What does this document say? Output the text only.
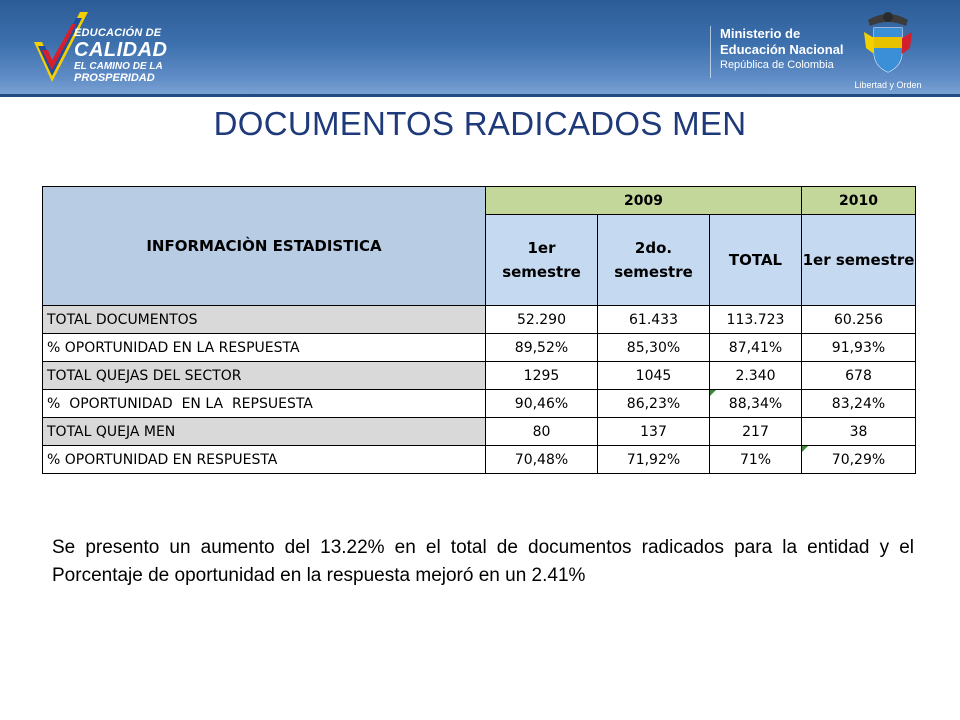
EDUCACIÓN DE
CALIDAD
EL CAMINO DE LA
PROSPERIDAD
Ministerio de
Educación Nacional
República de Colombia
Libertad y Orden
DOCUMENTOS RADICADOS MEN
INFORMACIÒN ESTADISTICA	2009			2010
	1er semestre	2do. semestre	TOTAL	1er semestre
TOTAL DOCUMENTOS	52.290	61.433	113.723	60.256
% OPORTUNIDAD EN LA RESPUESTA	89,52%	85,30%	87,41%	91,93%
TOTAL QUEJAS DEL SECTOR	1295	1045	2.340	678
%  OPORTUNIDAD  EN LA  REPSUESTA	90,46%	86,23%	88,34%	83,24%
TOTAL QUEJA MEN	80	137	217	38
% OPORTUNIDAD EN RESPUESTA	70,48%	71,92%	71%	70,29%

Se presento un aumento del 13.22% en el total de documentos radicados para la entidad y el Porcentaje de oportunidad en la respuesta mejoró en un 2.41%
